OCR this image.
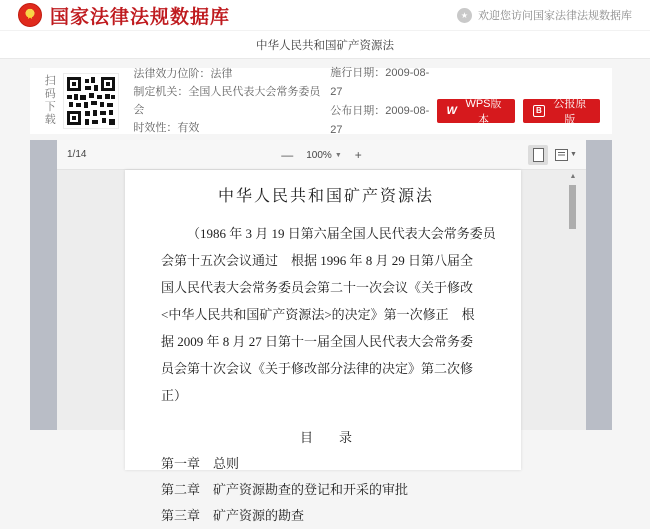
★
国家法律法规数据库	★ 欢迎您访问国家法律法规数据库
中华人民共和国矿产资源法
扫码下载
法律效力位阶：法律
制定机关：全国人民代表大会常务委员会
时效性：有效
施行日期：2009-08-27
公布日期：2009-08-27
W
WPS版本
B
公报原版
1/14	— 100% ▼ +	▼
中华人民共和国矿产资源法
（1986 年 3 月 19 日第六届全国人民代表大会常务委员
会第十五次会议通过　根据 1996 年 8 月 29 日第八届全
国人民代表大会常务委员会第二十一次会议《关于修改
<中华人民共和国矿产资源法>的决定》第一次修正　根
据 2009 年 8 月 27 日第十一届全国人民代表大会常务委
员会第十次会议《关于修改部分法律的决定》第二次修
正）
目　　录
第一章　总则
第二章　矿产资源勘查的登记和开采的审批
第三章　矿产资源的勘查
▲
